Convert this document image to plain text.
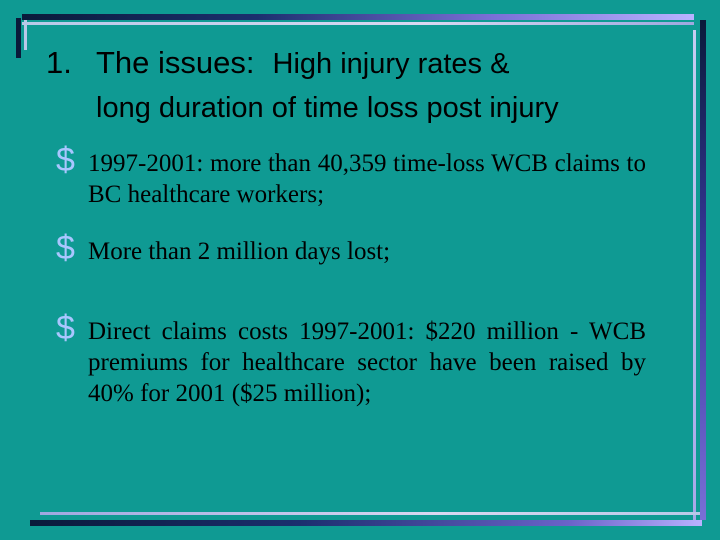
1. The issues: High injury rates &
long duration of time loss post injury
$ 1997-2001: more than 40,359 time-loss WCB claims to BC healthcare workers;
$ More than 2 million days lost;
$ Direct claims costs 1997-2001: $220 million - WCB premiums for healthcare sector have been raised by 40% for 2001 ($25 million);
